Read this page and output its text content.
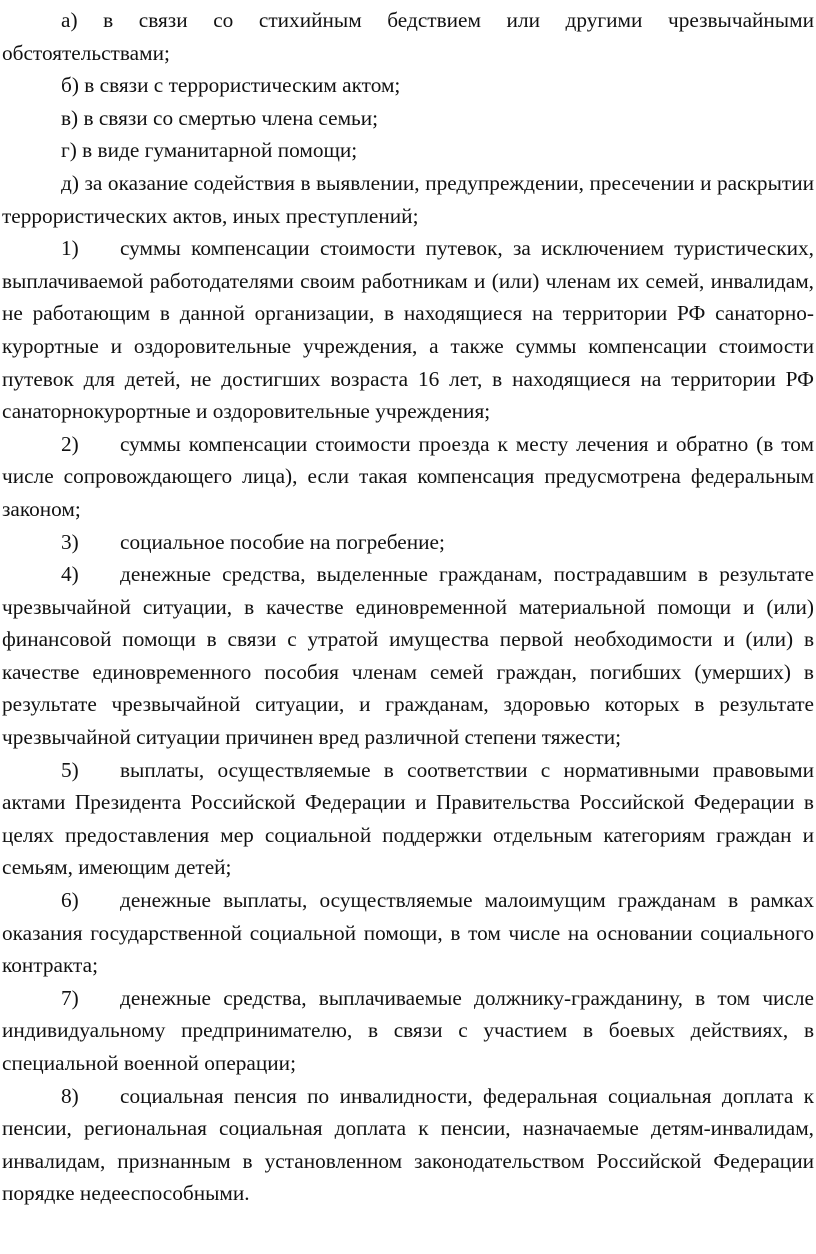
а) в связи со стихийным бедствием или другими чрезвычайными обстоятельствами;

б) в связи с террористическим актом;

в) в связи со смертью члена семьи;

г) в виде гуманитарной помощи;

д) за оказание содействия в выявлении, предупреждении, пресечении и раскрытии террористических актов, иных преступлений;

1) суммы компенсации стоимости путевок, за исключением туристических, выплачиваемой работодателями своим работникам и (или) членам их семей, инвалидам, не работающим в данной организации, в находящиеся на территории РФ санаторно-курортные и оздоровительные учреждения, а также суммы компенсации стоимости путевок для детей, не достигших возраста 16 лет, в находящиеся на территории РФ санаторнокурортные и оздоровительные учреждения;

2) суммы компенсации стоимости проезда к месту лечения и обратно (в том числе сопровождающего лица), если такая компенсация предусмотрена федеральным законом;

3) социальное пособие на погребение;

4) денежные средства, выделенные гражданам, пострадавшим в результате чрезвычайной ситуации, в качестве единовременной материальной помощи и (или) финансовой помощи в связи с утратой имущества первой необходимости и (или) в качестве единовременного пособия членам семей граждан, погибших (умерших) в результате чрезвычайной ситуации, и гражданам, здоровью которых в результате чрезвычайной ситуации причинен вред различной степени тяжести;

5) выплаты, осуществляемые в соответствии с нормативными правовыми актами Президента Российской Федерации и Правительства Российской Федерации в целях предоставления мер социальной поддержки отдельным категориям граждан и семьям, имеющим детей;

6) денежные выплаты, осуществляемые малоимущим гражданам в рамках оказания государственной социальной помощи, в том числе на основании социального контракта;

7) денежные средства, выплачиваемые должнику-гражданину, в том числе индивидуальному предпринимателю, в связи с участием в боевых действиях, в специальной военной операции;

8) социальная пенсия по инвалидности, федеральная социальная доплата к пенсии, региональная социальная доплата к пенсии, назначаемые детям-инвалидам, инвалидам, признанным в установленном законодательством Российской Федерации порядке недееспособными.
